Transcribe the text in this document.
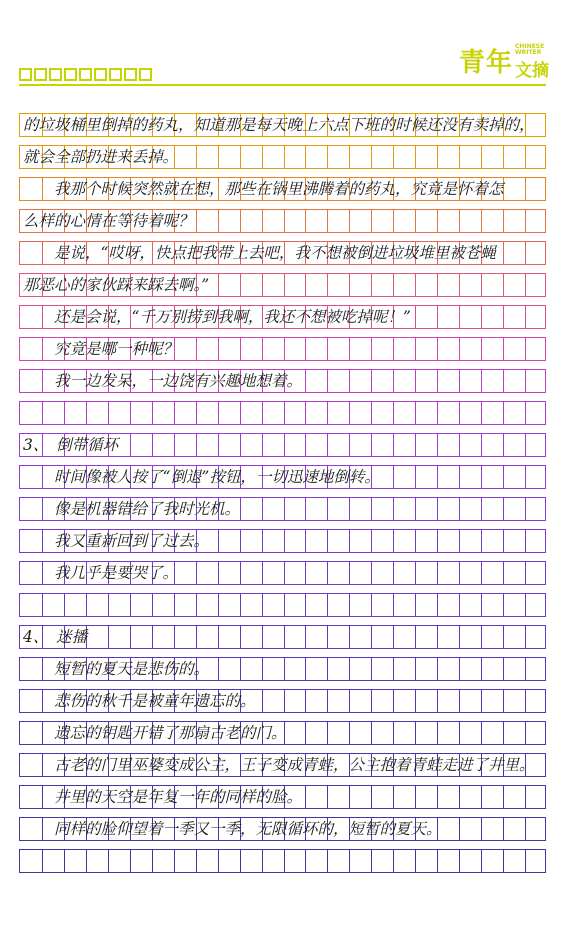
青年
CHINESE
WRITER
文摘
的垃圾桶里倒掉的药丸，知道那是每天晚上六点下班的时候还没有卖掉的，
就会全部扔进来丢掉。
　　我那个时候突然就在想，那些在锅里沸腾着的药丸，究竟是怀着怎
么样的心情在等待着呢？
　　是说，“哎呀，快点把我带上去吧，我不想被倒进垃圾堆里被苍蝇
那恶心的家伙踩来踩去啊。”
　　还是会说，“千万别捞到我啊，我还不想被吃掉呢！”
　　究竟是哪一种呢？
　　我一边发呆，一边饶有兴趣地想着。
3、　倒带循环
　　时间像被人按了“倒退”按钮，一切迅速地倒转。
　　像是机器错给了我时光机。
　　我又重新回到了过去。
　　我几乎是要哭了。
4、　迷播
　　短暂的夏天是悲伤的。
　　悲伤的秋千是被童年遗忘的。
　　遗忘的钥匙开错了那扇古老的门。
　　古老的门里巫婆变成公主，王子变成青蛙，公主抱着青蛙走进了井里。
　　井里的天空是年复一年的同样的脸。
　　同样的脸仰望着一季又一季，无限循环的，短暂的夏天。
